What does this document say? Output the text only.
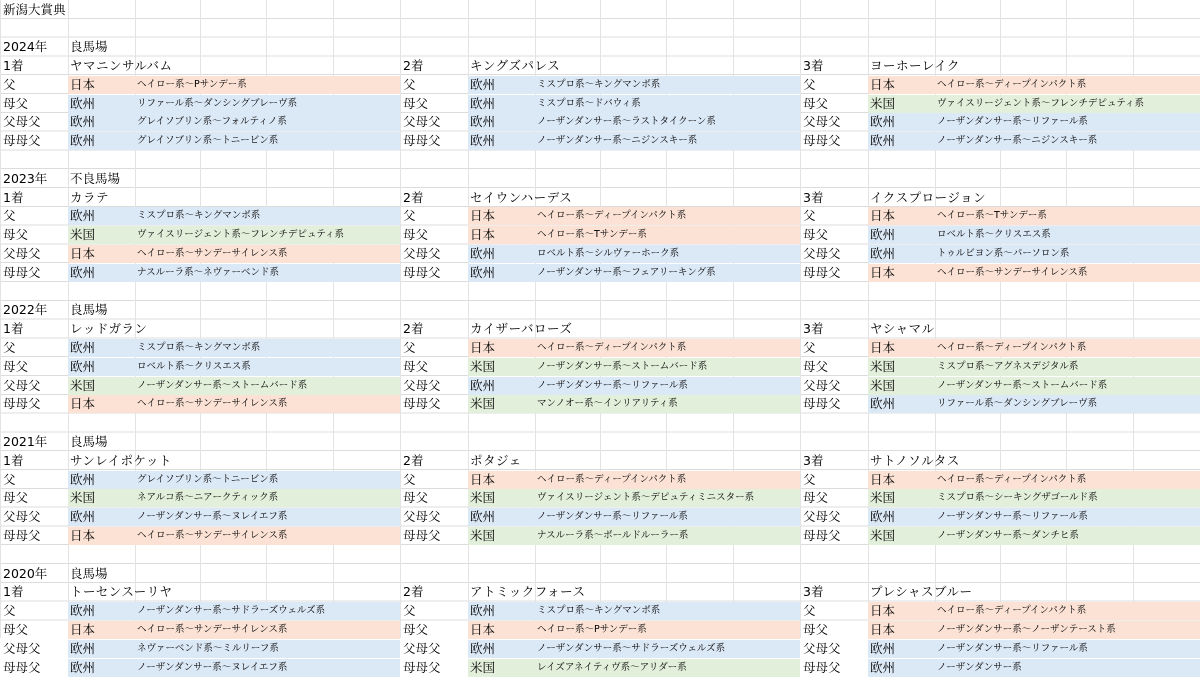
新潟大賞典
2024年	良馬場
1着	ヤマニンサルバム
父	日本	ヘイロー系～Pサンデー系
母父	欧州	リファール系～ダンシングブレーヴ系
父母父	欧州	グレイソブリン系～フォルティノ系
母母父	欧州	グレイソブリン系～トニービン系
2着	キングズパレス
父	欧州	ミスプロ系～キングマンボ系
母父	欧州	ミスプロ系～ドバウィ系
父母父	欧州	ノーザンダンサー系～ラストタイクーン系
母母父	欧州	ノーザンダンサー系～ニジンスキー系
3着	ヨーホーレイク
父	日本	ヘイロー系～ディープインパクト系
母父	米国	ヴァイスリージェント系～フレンチデピュティ系
父母父	欧州	ノーザンダンサー系～リファール系
母母父	欧州	ノーザンダンサー系～ニジンスキー系
2023年	不良馬場
1着	カラテ
父	欧州	ミスプロ系～キングマンボ系
母父	米国	ヴァイスリージェント系～フレンチデピュティ系
父母父	日本	ヘイロー系～サンデーサイレンス系
母母父	欧州	ナスルーラ系～ネヴァーベンド系
2着	セイウンハーデス
父	日本	ヘイロー系～ディープインパクト系
母父	日本	ヘイロー系～Tサンデー系
父母父	欧州	ロベルト系～シルヴァーホーク系
母母父	欧州	ノーザンダンサー系～フェアリーキング系
3着	イクスプロージョン
父	日本	ヘイロー系～Tサンデー系
母父	欧州	ロベルト系～クリスエス系
父母父	欧州	トゥルビヨン系～パーソロン系
母母父	日本	ヘイロー系～サンデーサイレンス系
2022年	良馬場
1着	レッドガラン
父	欧州	ミスプロ系～キングマンボ系
母父	欧州	ロベルト系～クリスエス系
父母父	米国	ノーザンダンサー系～ストームバード系
母母父	日本	ヘイロー系～サンデーサイレンス系
2着	カイザーバローズ
父	日本	ヘイロー系～ディープインパクト系
母父	米国	ノーザンダンサー系～ストームバード系
父母父	欧州	ノーザンダンサー系～リファール系
母母父	米国	マンノオー系～インリアリティ系
3着	ヤシャマル
父	日本	ヘイロー系～ディープインパクト系
母父	米国	ミスプロ系～アグネスデジタル系
父母父	米国	ノーザンダンサー系～ストームバード系
母母父	欧州	リファール系～ダンシングブレーヴ系
2021年	良馬場
1着	サンレイポケット
父	欧州	グレイソブリン系～トニービン系
母父	米国	ネアルコ系～ニアークティック系
父母父	欧州	ノーザンダンサー系～ヌレイエフ系
母母父	日本	ヘイロー系～サンデーサイレンス系
2着	ポタジェ
父	日本	ヘイロー系～ディープインパクト系
母父	米国	ヴァイスリージェント系～デピュティミニスター系
父母父	欧州	ノーザンダンサー系～リファール系
母母父	米国	ナスルーラ系～ボールドルーラー系
3着	サトノソルタス
父	日本	ヘイロー系～ディープインパクト系
母父	米国	ミスプロ系～シーキングザゴールド系
父母父	欧州	ノーザンダンサー系～リファール系
母母父	米国	ノーザンダンサー系～ダンチヒ系
2020年	良馬場
1着	トーセンスーリヤ
父	欧州	ノーザンダンサー系～サドラーズウェルズ系
母父	日本	ヘイロー系～サンデーサイレンス系
父母父	欧州	ネヴァーベンド系～ミルリーフ系
母母父	欧州	ノーザンダンサー系～ヌレイエフ系
2着	アトミックフォース
父	欧州	ミスプロ系～キングマンボ系
母父	日本	ヘイロー系～Pサンデー系
父母父	欧州	ノーザンダンサー系～サドラーズウェルズ系
母母父	米国	レイズアネイティヴ系～アリダー系
3着	プレシャスブルー
父	日本	ヘイロー系～ディープインパクト系
母父	日本	ノーザンダンサー系～ノーザンテースト系
父母父	欧州	ノーザンダンサー系～リファール系
母母父	欧州	ノーザンダンサー系
